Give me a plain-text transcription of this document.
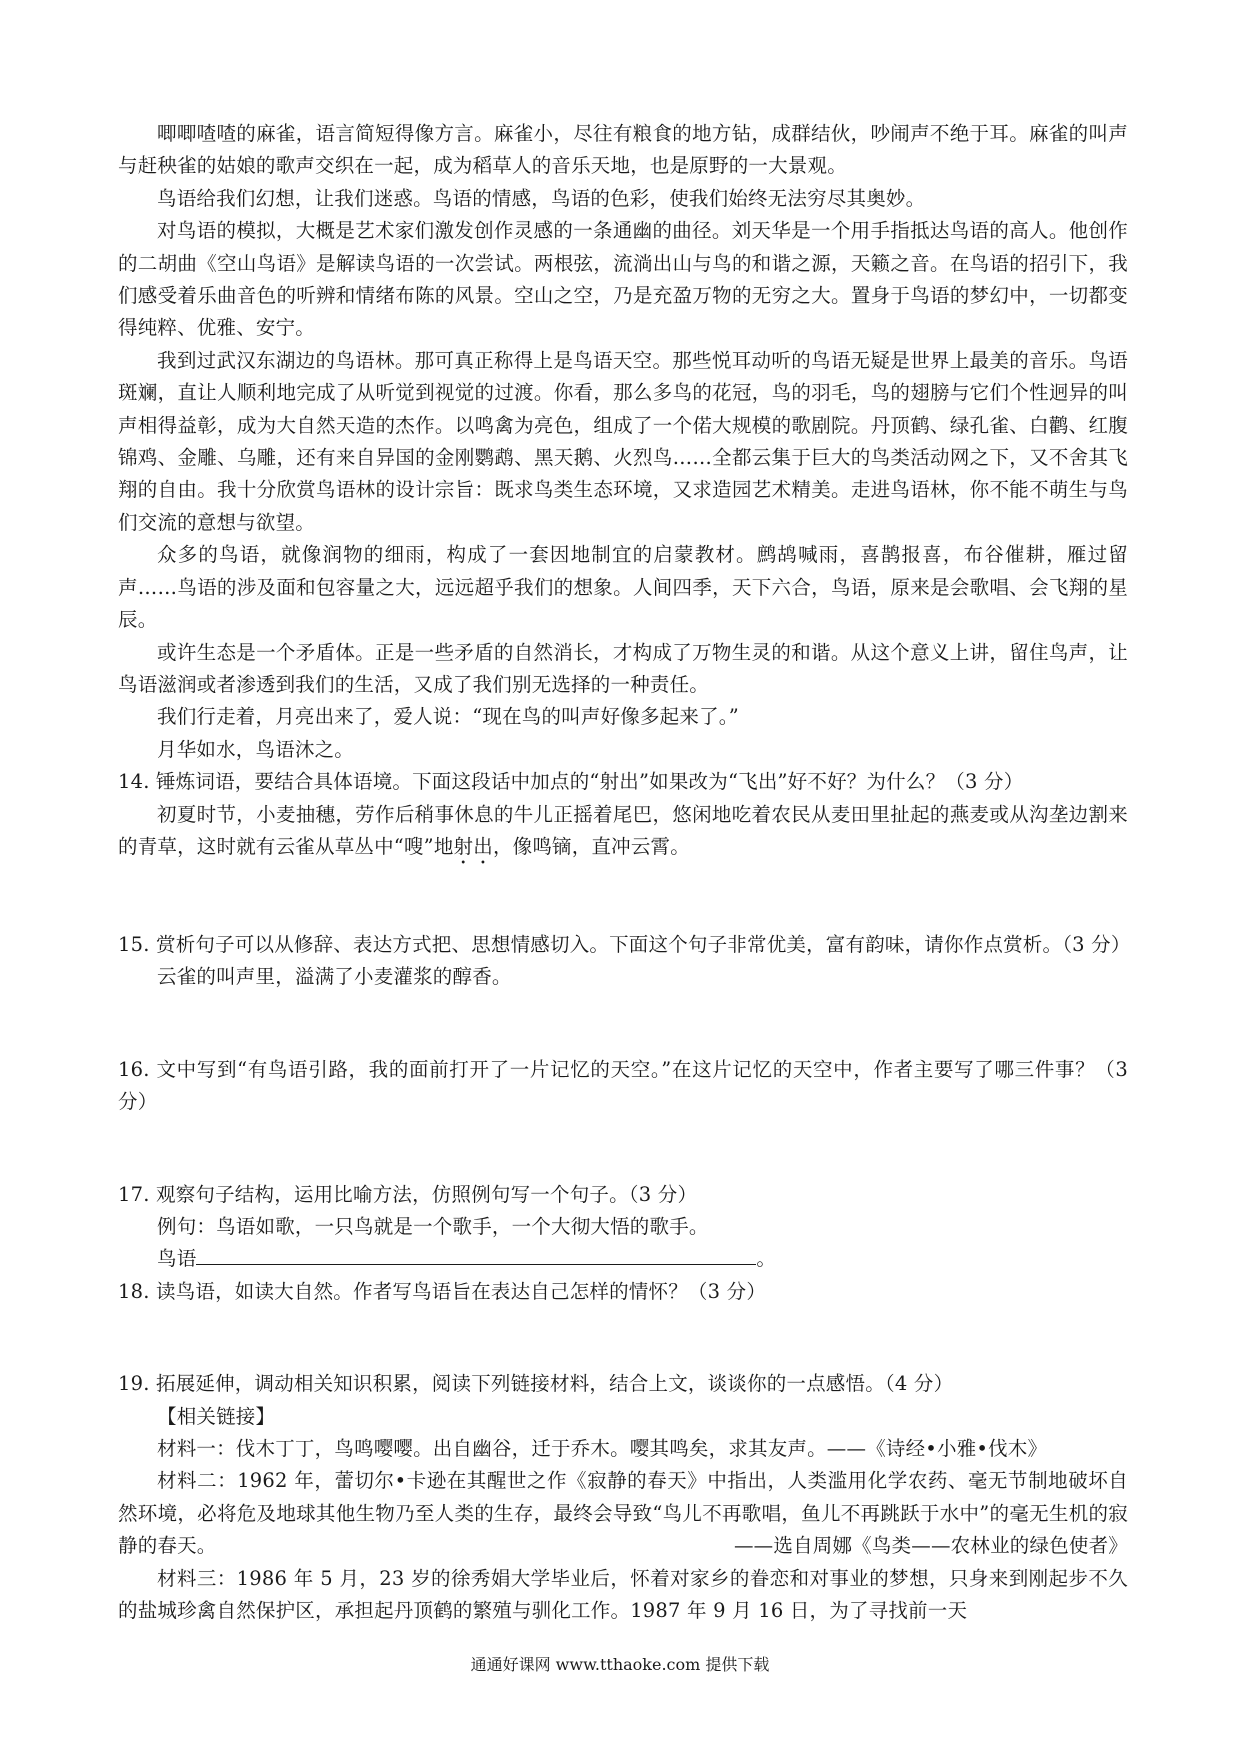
唧唧喳喳的麻雀，语言简短得像方言。麻雀小，尽往有粮食的地方钻，成群结伙，吵闹声不绝于耳。麻雀的叫声与赶秧雀的姑娘的歌声交织在一起，成为稻草人的音乐天地，也是原野的一大景观。

鸟语给我们幻想，让我们迷惑。鸟语的情感，鸟语的色彩，使我们始终无法穷尽其奥妙。

对鸟语的模拟，大概是艺术家们激发创作灵感的一条通幽的曲径。刘天华是一个用手指抵达鸟语的高人。他创作的二胡曲《空山鸟语》是解读鸟语的一次尝试。两根弦，流淌出山与鸟的和谐之源，天籁之音。在鸟语的招引下，我们感受着乐曲音色的听辨和情绪布陈的风景。空山之空，乃是充盈万物的无穷之大。置身于鸟语的梦幻中，一切都变得纯粹、优雅、安宁。

我到过武汉东湖边的鸟语林。那可真正称得上是鸟语天空。那些悦耳动听的鸟语无疑是世界上最美的音乐。鸟语斑斓，直让人顺利地完成了从听觉到视觉的过渡。你看，那么多鸟的花冠，鸟的羽毛，鸟的翅膀与它们个性迥异的叫声相得益彰，成为大自然天造的杰作。以鸣禽为亮色，组成了一个偌大规模的歌剧院。丹顶鹤、绿孔雀、白鹳、红腹锦鸡、金雕、乌雕，还有来自异国的金刚鹦鹉、黑天鹅、火烈鸟……全都云集于巨大的鸟类活动网之下，又不舍其飞翔的自由。我十分欣赏鸟语林的设计宗旨：既求鸟类生态环境，又求造园艺术精美。走进鸟语林，你不能不萌生与鸟们交流的意想与欲望。

众多的鸟语，就像润物的细雨，构成了一套因地制宜的启蒙教材。鹧鸪喊雨，喜鹊报喜，布谷催耕，雁过留声……鸟语的涉及面和包容量之大，远远超乎我们的想象。人间四季，天下六合，鸟语，原来是会歌唱、会飞翔的星辰。

或许生态是一个矛盾体。正是一些矛盾的自然消长，才构成了万物生灵的和谐。从这个意义上讲，留住鸟声，让鸟语滋润或者渗透到我们的生活，又成了我们别无选择的一种责任。

我们行走着，月亮出来了，爱人说：“现在鸟的叫声好像多起来了。”

月华如水，鸟语沐之。

14. 锤炼词语，要结合具体语境。下面这段话中加点的“射出”如果改为“飞出”好不好？为什么？（3 分）

初夏时节，小麦抽穗，劳作后稍事休息的牛儿正摇着尾巴，悠闲地吃着农民从麦田里扯起的燕麦或从沟垄边割来的青草，这时就有云雀从草丛中“嗖”地射出，像鸣镝，直冲云霄。

15. 赏析句子可以从修辞、表达方式把、思想情感切入。下面这个句子非常优美，富有韵味，请你作点赏析。（3 分）

云雀的叫声里，溢满了小麦灌浆的醇香。

16. 文中写到“有鸟语引路，我的面前打开了一片记忆的天空。”在这片记忆的天空中，作者主要写了哪三件事？（3 分）

17. 观察句子结构，运用比喻方法，仿照例句写一个句子。（3 分）

例句：鸟语如歌，一只鸟就是一个歌手，一个大彻大悟的歌手。

鸟语	。

18. 读鸟语，如读大自然。作者写鸟语旨在表达自己怎样的情怀？（3 分）

19. 拓展延伸，调动相关知识积累，阅读下列链接材料，结合上文，谈谈你的一点感悟。（4 分）

【相关链接】

材料一：伐木丁丁，鸟鸣嘤嘤。出自幽谷，迁于乔木。嘤其鸣矣，求其友声。——《诗经•小雅•伐木》

材料二：1962 年，蕾切尔•卡逊在其醒世之作《寂静的春天》中指出，人类滥用化学农药、毫无节制地破坏自然环境，必将危及地球其他生物乃至人类的生存，最终会导致“鸟儿不再歌唱，鱼儿不再跳跃于水中”的毫无生机的寂静的春天。	——选自周娜《鸟类——农林业的绿色使者》

材料三：1986 年 5 月，23 岁的徐秀娟大学毕业后，怀着对家乡的眷恋和对事业的梦想，只身来到刚起步不久的盐城珍禽自然保护区，承担起丹顶鹤的繁殖与驯化工作。1987 年 9 月 16 日，为了寻找前一天

通通好课网 www.tthaoke.com 提供下载
